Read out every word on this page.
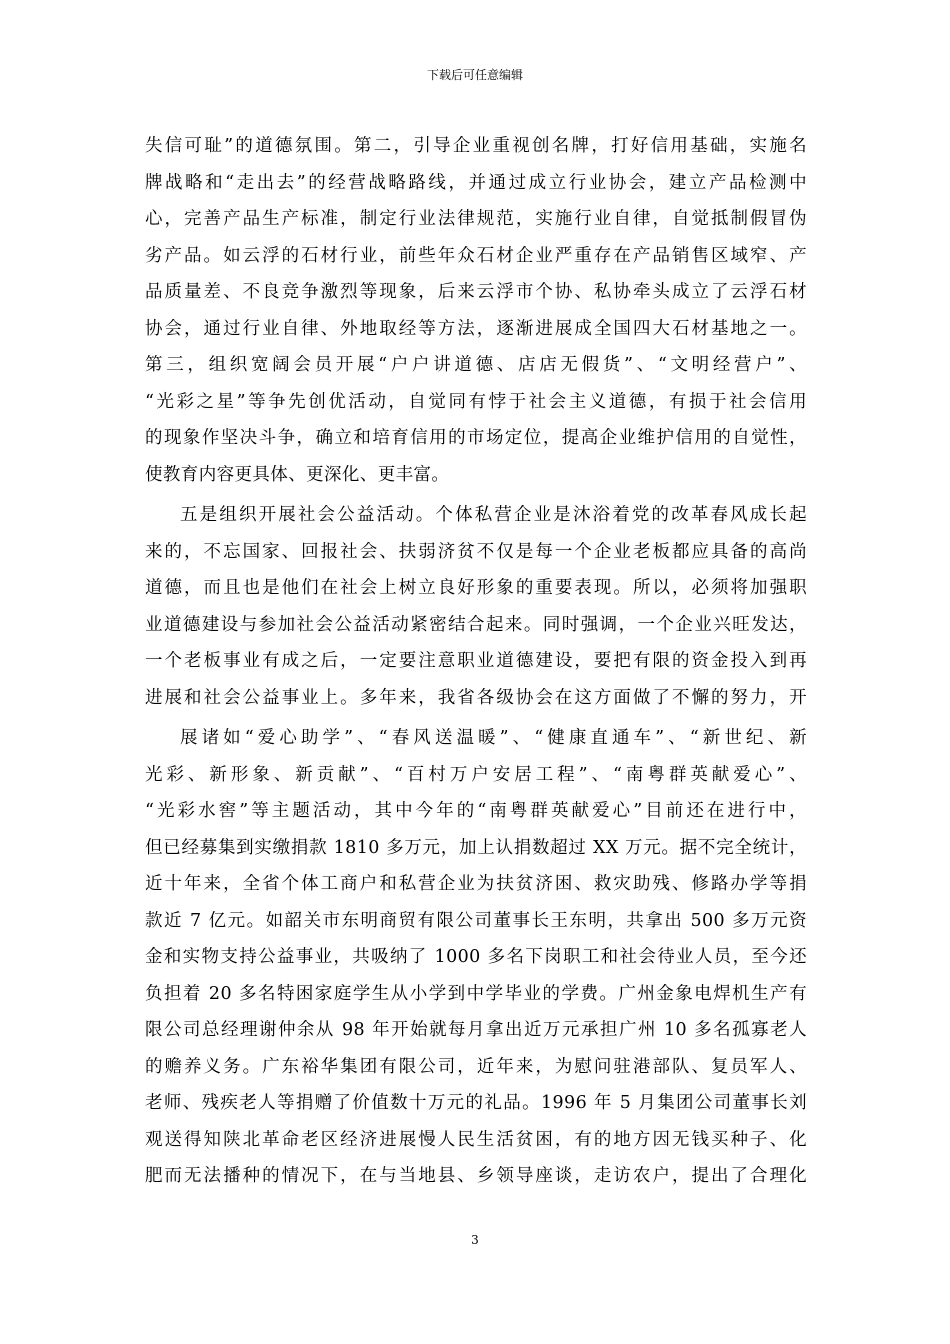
下载后可任意编辑
失信可耻”的道德氛围。第二，引导企业重视创名牌，打好信用基础，实施名
牌战略和“走出去”的经营战略路线，并通过成立行业协会，建立产品检测中
心，完善产品生产标准，制定行业法律规范，实施行业自律，自觉抵制假冒伪
劣产品。如云浮的石材行业，前些年众石材企业严重存在产品销售区域窄、产
品质量差、不良竞争激烈等现象，后来云浮市个协、私协牵头成立了云浮石材
协会，通过行业自律、外地取经等方法，逐渐进展成全国四大石材基地之一。
第三，组织宽阔会员开展“户户讲道德、店店无假货”、“文明经营户”、
“光彩之星”等争先创优活动，自觉同有悖于社会主义道德，有损于社会信用
的现象作坚决斗争，确立和培育信用的市场定位，提高企业维护信用的自觉性，
使教育内容更具体、更深化、更丰富。
五是组织开展社会公益活动。个体私营企业是沐浴着党的改革春风成长起
来的，不忘国家、回报社会、扶弱济贫不仅是每一个企业老板都应具备的高尚
道德，而且也是他们在社会上树立良好形象的重要表现。所以，必须将加强职
业道德建设与参加社会公益活动紧密结合起来。同时强调，一个企业兴旺发达，
一个老板事业有成之后，一定要注意职业道德建设，要把有限的资金投入到再
进展和社会公益事业上。多年来，我省各级协会在这方面做了不懈的努力，开
展诸如“爱心助学”、“春风送温暖”、“健康直通车”、“新世纪、新
光彩、新形象、新贡献”、“百村万户安居工程”、“南粤群英献爱心”、
“光彩水窖”等主题活动，其中今年的“南粤群英献爱心”目前还在进行中，
但已经募集到实缴捐款 1810 多万元，加上认捐数超过 XX 万元。据不完全统计，
近十年来，全省个体工商户和私营企业为扶贫济困、救灾助残、修路办学等捐
款近 7 亿元。如韶关市东明商贸有限公司董事长王东明，共拿出 500 多万元资
金和实物支持公益事业，共吸纳了 1000 多名下岗职工和社会待业人员，至今还
负担着 20 多名特困家庭学生从小学到中学毕业的学费。广州金象电焊机生产有
限公司总经理谢仲余从 98 年开始就每月拿出近万元承担广州 10 多名孤寡老人
的赡养义务。广东裕华集团有限公司，近年来，为慰问驻港部队、复员军人、
老师、残疾老人等捐赠了价值数十万元的礼品。1996 年 5 月集团公司董事长刘
观送得知陕北革命老区经济进展慢人民生活贫困，有的地方因无钱买种子、化
肥而无法播种的情况下，在与当地县、乡领导座谈，走访农户，提出了合理化
3
